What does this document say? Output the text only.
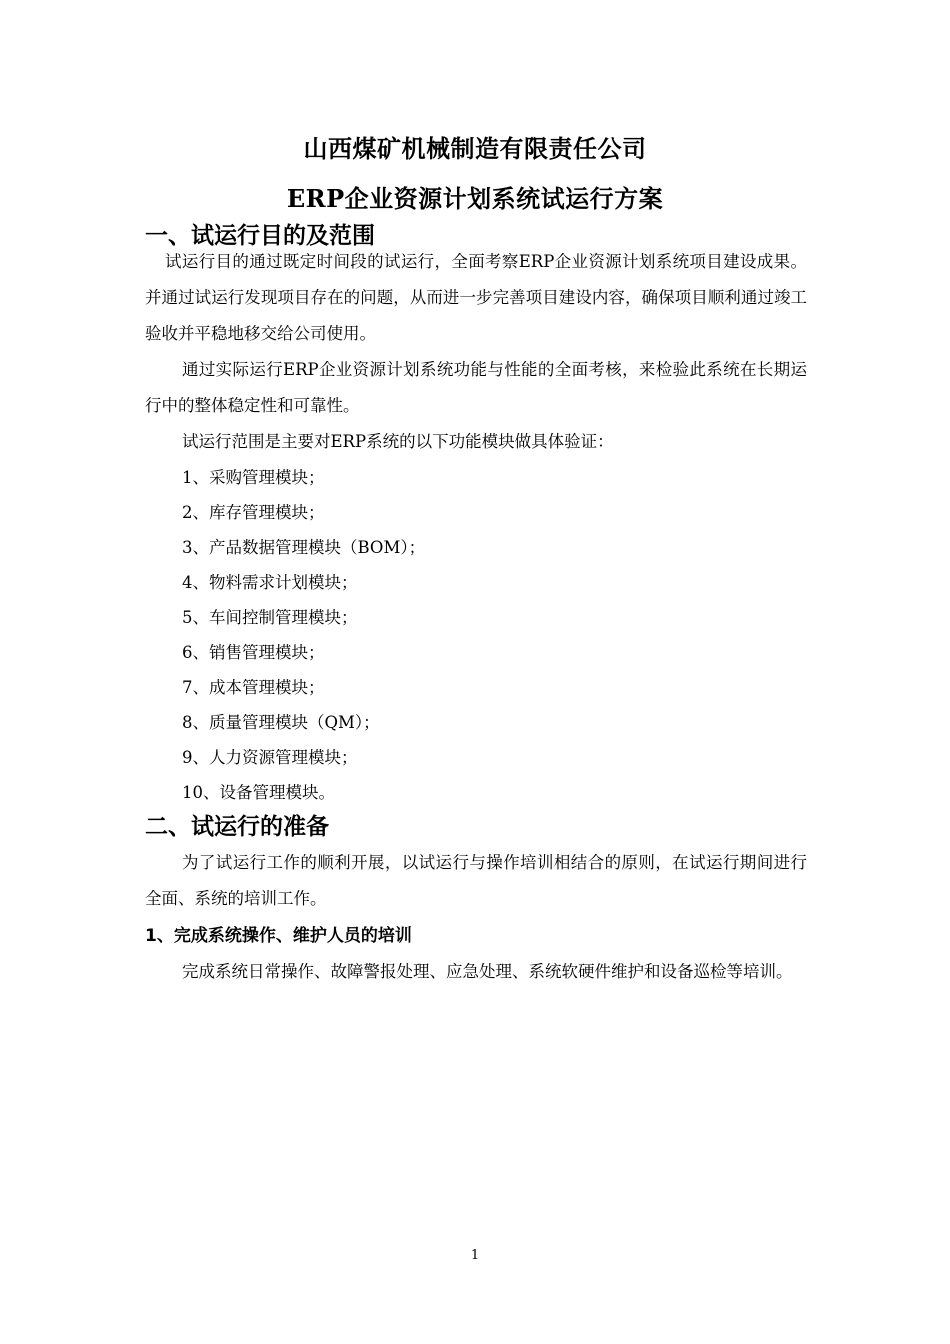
山西煤矿机械制造有限责任公司
ERP企业资源计划系统试运行方案
一、试运行目的及范围

试运行目的通过既定时间段的试运行，全面考察ERP企业资源计划系统项目建设成果。并通过试运行发现项目存在的问题，从而进一步完善项目建设内容，确保项目顺利通过竣工验收并平稳地移交给公司使用。

通过实际运行ERP企业资源计划系统功能与性能的全面考核，来检验此系统在长期运行中的整体稳定性和可靠性。

试运行范围是主要对ERP系统的以下功能模块做具体验证：

1、采购管理模块；
2、库存管理模块；
3、产品数据管理模块（BOM）；
4、物料需求计划模块；
5、车间控制管理模块；
6、销售管理模块；
7、成本管理模块；
8、质量管理模块（QM）；
9、人力资源管理模块；
10、设备管理模块。
二、试运行的准备

为了试运行工作的顺利开展，以试运行与操作培训相结合的原则，在试运行期间进行全面、系统的培训工作。

1、完成系统操作、维护人员的培训

完成系统日常操作、故障警报处理、应急处理、系统软硬件维护和设备巡检等培训。

1
